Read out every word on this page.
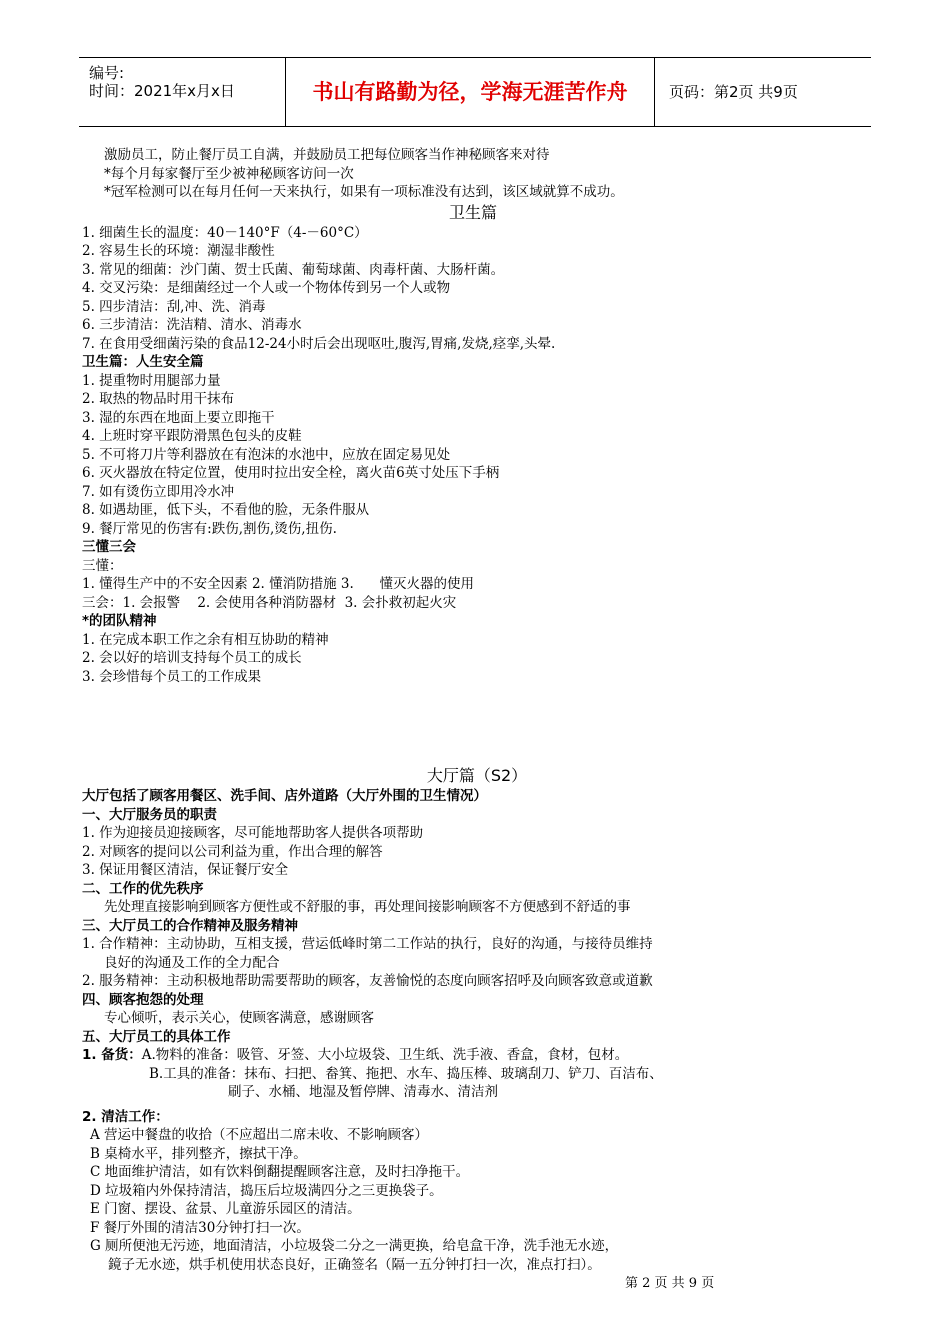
编号:
时间：2021年x月x日	书山有路勤为径，学海无涯苦作舟	页码：第2页 共9页
激励员工，防止餐厅员工自满，并鼓励员工把每位顾客当作神秘顾客来对待
*每个月每家餐厅至少被神秘顾客访问一次
*冠军检测可以在每月任何一天来执行，如果有一项标准没有达到，该区域就算不成功。
卫生篇
1. 细菌生长的温度：40－140°F（4-－60°C）
2. 容易生长的环境：潮湿非酸性
3. 常见的细菌：沙门菌、贺士氏菌、葡萄球菌、肉毒杆菌、大肠杆菌。
4. 交叉污染：是细菌经过一个人或一个物体传到另一个人或物
5. 四步清洁：刮,冲、洗、消毒
6. 三步清洁：洗洁精、清水、消毒水
7. 在食用受细菌污染的食品12-24小时后会出现呕吐,腹泻,胃痛,发烧,痉挛,头晕.
卫生篇：人生安全篇
1. 提重物时用腿部力量
2. 取热的物品时用干抹布
3. 湿的东西在地面上要立即拖干
4. 上班时穿平跟防滑黑色包头的皮鞋
5. 不可将刀片等利器放在有泡沫的水池中，应放在固定易见处
6. 灭火器放在特定位置，使用时拉出安全栓，离火苗6英寸处压下手柄
7. 如有烫伤立即用冷水冲
8. 如遇劫匪，低下头，不看他的脸，无条件服从
9. 餐厅常见的伤害有:跌伤,割伤,烫伤,扭伤.
三懂三会
三懂：
1. 懂得生产中的不安全因素 2. 懂消防措施 3.      懂灭火器的使用
三会：1. 会报警    2. 会使用各种消防器材  3. 会扑救初起火灾
*的团队精神
1. 在完成本职工作之余有相互协助的精神
2. 会以好的培训支持每个员工的成长
3. 会珍惜每个员工的工作成果
大厅篇（S2）
大厅包括了顾客用餐区、洗手间、店外道路（大厅外围的卫生情况）
一、大厅服务员的职责
1. 作为迎接员迎接顾客，尽可能地帮助客人提供各项帮助
2. 对顾客的提问以公司利益为重，作出合理的解答
3. 保证用餐区清洁，保证餐厅安全
二、工作的优先秩序
先处理直接影响到顾客方便性或不舒服的事，再处理间接影响顾客不方便感到不舒适的事
三、大厅员工的合作精神及服务精神
1. 合作精神：主动协助，互相支援，营运低峰时第二工作站的执行，良好的沟通，与接待员维持
良好的沟通及工作的全力配合
2. 服务精神：主动积极地帮助需要帮助的顾客，友善愉悦的态度向顾客招呼及向顾客致意或道歉
四、顾客抱怨的处理
专心倾听，表示关心，使顾客满意，感谢顾客
五、大厅员工的具体工作
1. 备货：A.物料的准备：吸管、牙签、大小垃圾袋、卫生纸、洗手液、香盒，食材，包材。
B.工具的准备：抹布、扫把、畚箕、拖把、水车、捣压棒、玻璃刮刀、铲刀、百洁布、
刷子、水桶、地湿及暂停牌、清毒水、清洁剂
2. 清洁工作：
A 营运中餐盘的收拾（不应超出二席未收、不影响顾客）
B 桌椅水平，排列整齐，擦拭干净。
C 地面维护清洁，如有饮料倒翻提醒顾客注意，及时扫净拖干。
D 垃圾箱内外保持清洁，捣压后垃圾满四分之三更换袋子。
E 门窗、摆设、盆景、儿童游乐园区的清洁。
F 餐厅外围的清洁30分钟打扫一次。
G 厕所便池无污迹，地面清洁，小垃圾袋二分之一满更换，给皂盒干净，洗手池无水迹，
鏡子无水迹，烘手机使用状态良好，正确签名（隔一五分钟打扫一次，准点打扫）。
第 2 页 共 9 页
